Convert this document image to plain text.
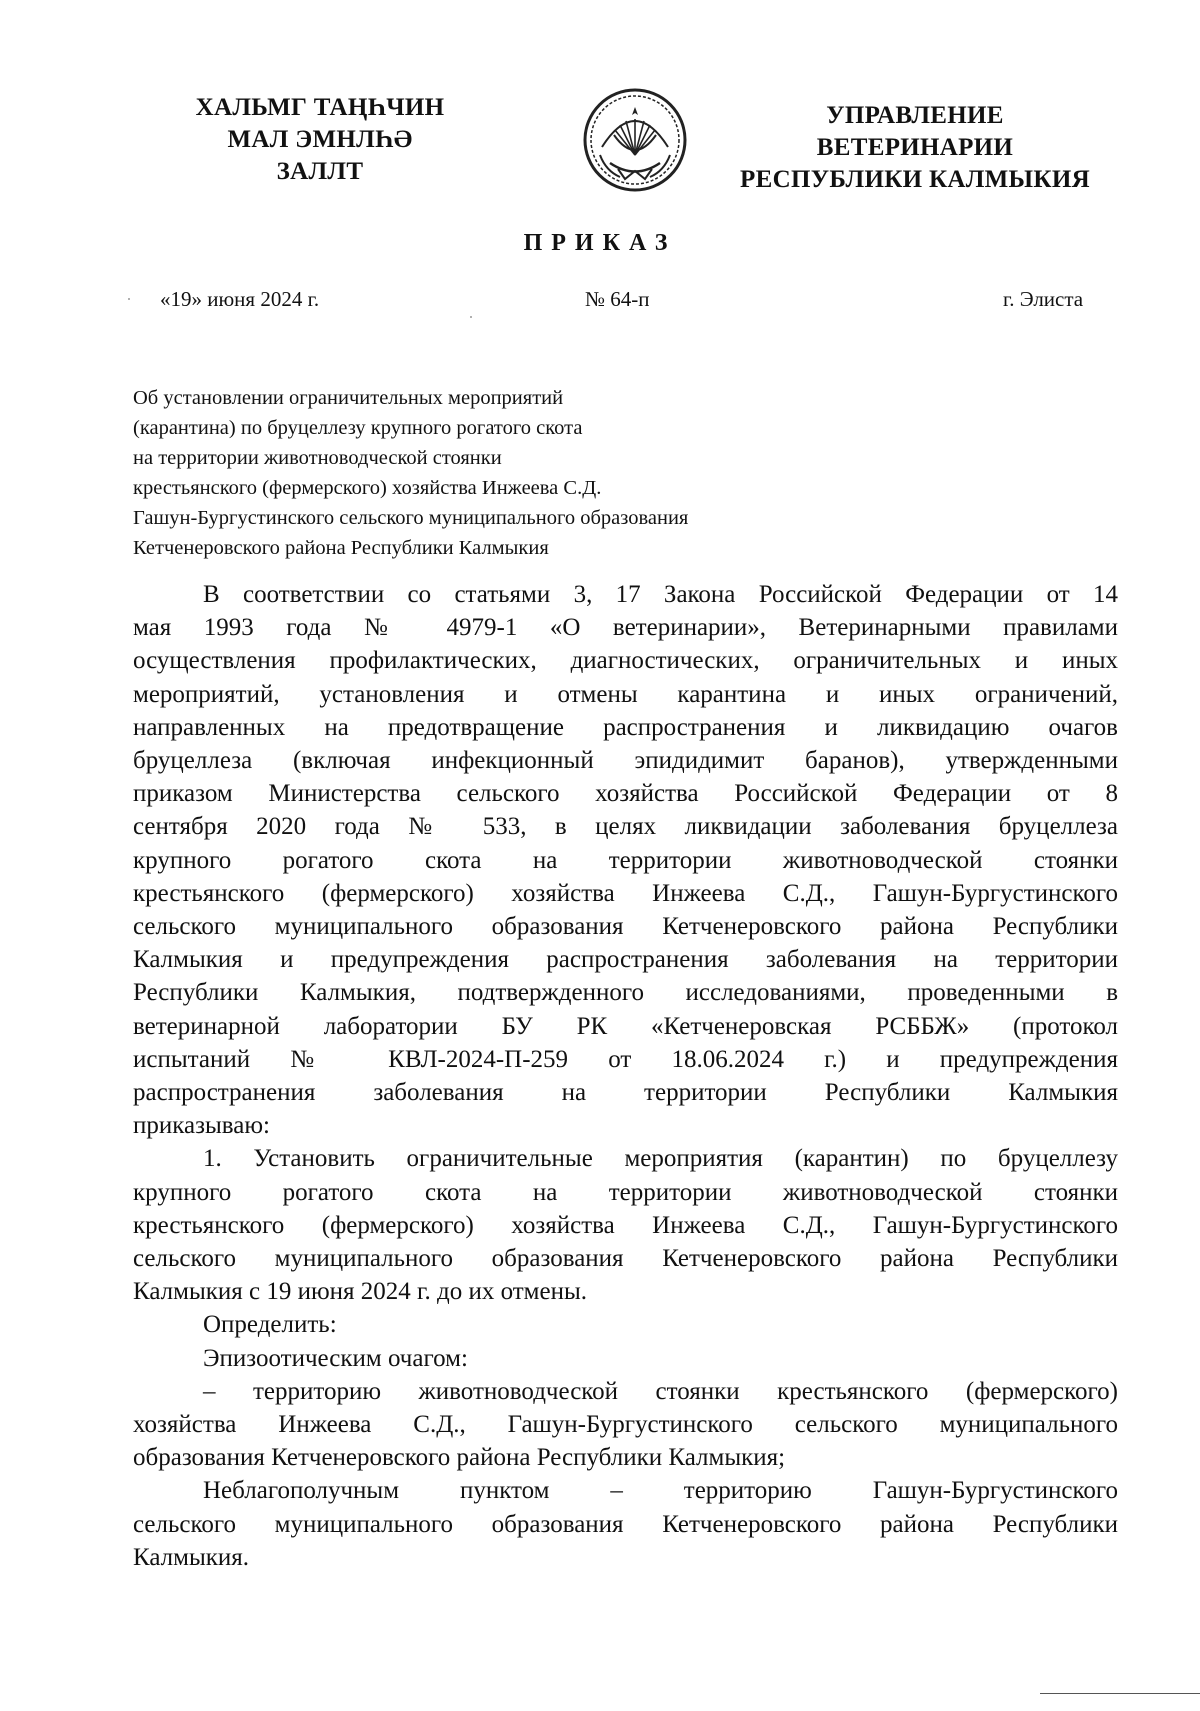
ХАЛЬМГ ТАҢҺЧИН
МАЛ ЭМНЛҺӘ
ЗАЛЛТ
УПРАВЛЕНИЕ
ВЕТЕРИНАРИИ
РЕСПУБЛИКИ КАЛМЫКИЯ
ПРИКАЗ
«19» июня 2024 г.	№ 64-п	г. Элиста
Об установлении ограничительных мероприятий
(карантина) по бруцеллезу крупного рогатого скота
на территории животноводческой стоянки
крестьянского (фермерского) хозяйства Инжеева С.Д.
Гашун-Бургустинского сельского муниципального образования
Кетченеровского района Республики Калмыкия
В соответствии со статьями 3, 17 Закона Российской Федерации от 14
мая 1993 года № 4979-1 «О ветеринарии», Ветеринарными правилами
осуществления профилактических, диагностических, ограничительных и иных
мероприятий, установления и отмены карантина и иных ограничений,
направленных на предотвращение распространения и ликвидацию очагов
бруцеллеза (включая инфекционный эпидидимит баранов), утвержденными
приказом Министерства сельского хозяйства Российской Федерации от 8
сентября 2020 года № 533, в целях ликвидации заболевания бруцеллеза
крупного рогатого скота на территории животноводческой стоянки
крестьянского (фермерского) хозяйства Инжеева С.Д., Гашун-Бургустинского
сельского муниципального образования Кетченеровского района Республики
Калмыкия и предупреждения распространения заболевания на территории
Республики Калмыкия, подтвержденного исследованиями, проведенными в
ветеринарной лаборатории БУ РК «Кетченеровская РСББЖ» (протокол
испытаний № КВЛ-2024-П-259 от 18.06.2024 г.) и предупреждения
распространения заболевания на территории Республики Калмыкия
приказываю:
1. Установить ограничительные мероприятия (карантин) по бруцеллезу
крупного рогатого скота на территории животноводческой стоянки
крестьянского (фермерского) хозяйства Инжеева С.Д., Гашун-Бургустинского
сельского муниципального образования Кетченеровского района Республики
Калмыкия с 19 июня 2024 г. до их отмены.
Определить:
Эпизоотическим очагом:
– территорию животноводческой стоянки крестьянского (фермерского)
хозяйства Инжеева С.Д., Гашун-Бургустинского сельского муниципального
образования Кетченеровского района Республики Калмыкия;
Неблагополучным пунктом – территорию Гашун-Бургустинского
сельского муниципального образования Кетченеровского района Республики
Калмыкия.
